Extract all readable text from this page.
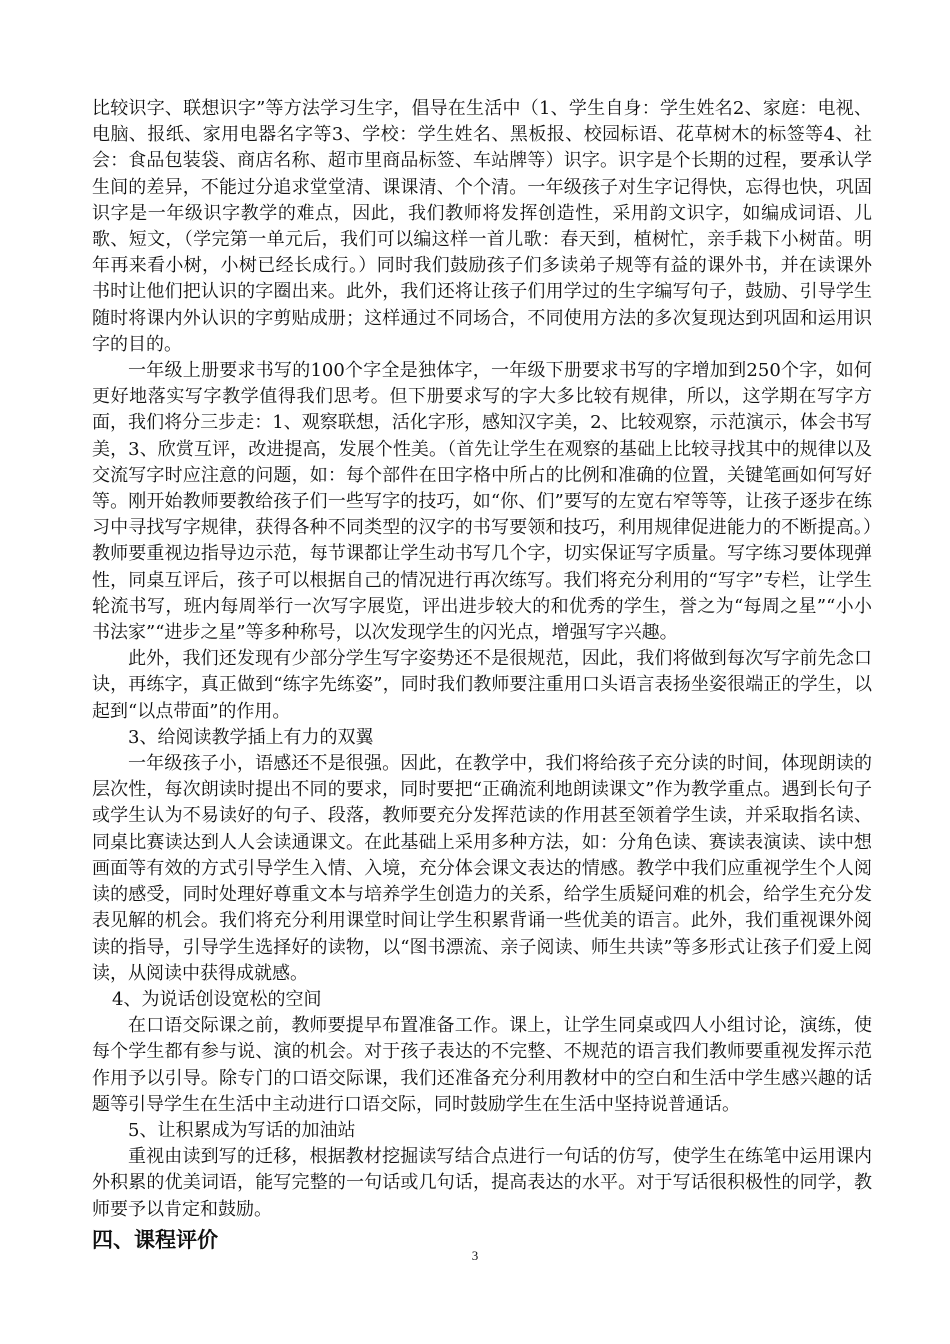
比较识字、联想识字”等方法学习生字，倡导在生活中（1、学生自身：学生姓名2、家庭：电视、电脑、报纸、家用电器名字等3、学校：学生姓名、黑板报、校园标语、花草树木的标签等4、社会：食品包装袋、商店名称、超市里商品标签、车站牌等）识字。识字是个长期的过程，要承认学生间的差异，不能过分追求堂堂清、课课清、个个清。一年级孩子对生字记得快，忘得也快，巩固识字是一年级识字教学的难点，因此，我们教师将发挥创造性，采用韵文识字，如编成词语、儿歌、短文，（学完第一单元后，我们可以编这样一首儿歌：春天到，植树忙，亲手栽下小树苗。明年再来看小树，小树已经长成行。）同时我们鼓励孩子们多读弟子规等有益的课外书，并在读课外书时让他们把认识的字圈出来。此外，我们还将让孩子们用学过的生字编写句子，鼓励、引导学生随时将课内外认识的字剪贴成册；这样通过不同场合，不同使用方法的多次复现达到巩固和运用识字的目的。

一年级上册要求书写的100个字全是独体字，一年级下册要求书写的字增加到250个字，如何更好地落实写字教学值得我们思考。但下册要求写的字大多比较有规律，所以，这学期在写字方面，我们将分三步走：1、观察联想，活化字形，感知汉字美，2、比较观察，示范演示，体会书写美，3、欣赏互评，改进提高，发展个性美。（首先让学生在观察的基础上比较寻找其中的规律以及交流写字时应注意的问题，如：每个部件在田字格中所占的比例和准确的位置，关键笔画如何写好等。刚开始教师要教给孩子们一些写字的技巧，如“你、们”要写的左宽右窄等等，让孩子逐步在练习中寻找写字规律，获得各种不同类型的汉字的书写要领和技巧，利用规律促进能力的不断提高。）教师要重视边指导边示范，每节课都让学生动书写几个字，切实保证写字质量。写字练习要体现弹性，同桌互评后，孩子可以根据自己的情况进行再次练写。我们将充分利用的“写字”专栏，让学生轮流书写，班内每周举行一次写字展览，评出进步较大的和优秀的学生，誉之为“每周之星”“小小书法家”“进步之星”等多种称号，以次发现学生的闪光点，增强写字兴趣。

此外，我们还发现有少部分学生写字姿势还不是很规范，因此，我们将做到每次写字前先念口诀，再练字，真正做到“练字先练姿”，同时我们教师要注重用口头语言表扬坐姿很端正的学生，以起到“以点带面”的作用。

3、给阅读教学插上有力的双翼

一年级孩子小，语感还不是很强。因此，在教学中，我们将给孩子充分读的时间，体现朗读的层次性，每次朗读时提出不同的要求，同时要把“正确流利地朗读课文”作为教学重点。遇到长句子或学生认为不易读好的句子、段落，教师要充分发挥范读的作用甚至领着学生读，并采取指名读、同桌比赛读达到人人会读通课文。在此基础上采用多种方法，如：分角色读、赛读表演读、读中想画面等有效的方式引导学生入情、入境，充分体会课文表达的情感。教学中我们应重视学生个人阅读的感受，同时处理好尊重文本与培养学生创造力的关系，给学生质疑问难的机会，给学生充分发表见解的机会。我们将充分利用课堂时间让学生积累背诵一些优美的语言。此外，我们重视课外阅读的指导，引导学生选择好的读物，以“图书漂流、亲子阅读、师生共读”等多形式让孩子们爱上阅读，从阅读中获得成就感。

4、为说话创设宽松的空间

在口语交际课之前，教师要提早布置准备工作。课上，让学生同桌或四人小组讨论，演练，使每个学生都有参与说、演的机会。对于孩子表达的不完整、不规范的语言我们教师要重视发挥示范作用予以引导。除专门的口语交际课，我们还准备充分利用教材中的空白和生活中学生感兴趣的话题等引导学生在生活中主动进行口语交际，同时鼓励学生在生活中坚持说普通话。

5、让积累成为写话的加油站

重视由读到写的迁移，根据教材挖掘读写结合点进行一句话的仿写，使学生在练笔中运用课内外积累的优美词语，能写完整的一句话或几句话，提高表达的水平。对于写话很积极性的同学，教师要予以肯定和鼓励。

四、课程评价

3
